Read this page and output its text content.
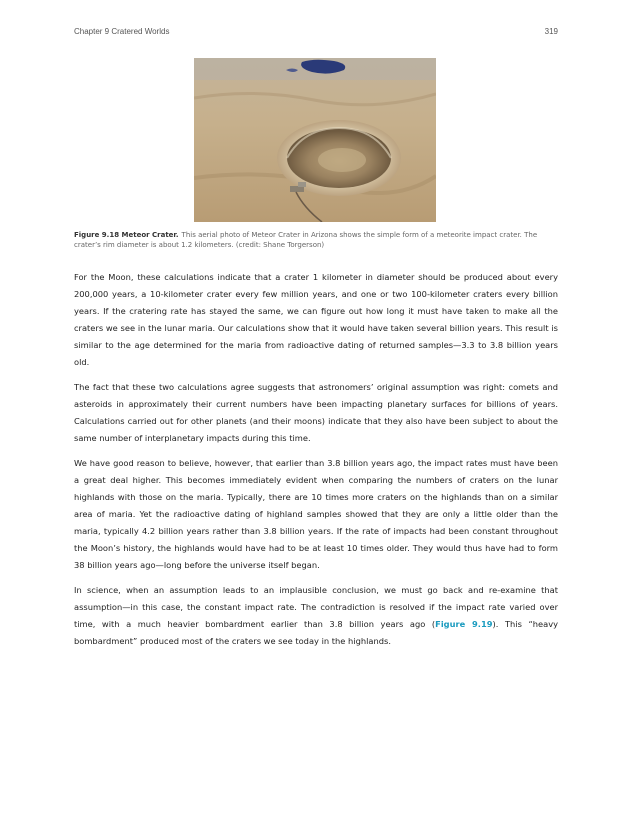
Chapter 9 Cratered Worlds	319
Figure 9.18 Meteor Crater. This aerial photo of Meteor Crater in Arizona shows the simple form of a meteorite impact crater. The crater’s rim diameter is about 1.2 kilometers. (credit: Shane Torgerson)

For the Moon, these calculations indicate that a crater 1 kilometer in diameter should be produced about every 200,000 years, a 10-kilometer crater every few million years, and one or two 100-kilometer craters every billion years. If the cratering rate has stayed the same, we can figure out how long it must have taken to make all the craters we see in the lunar maria. Our calculations show that it would have taken several billion years. This result is similar to the age determined for the maria from radioactive dating of returned samples—3.3 to 3.8 billion years old.

The fact that these two calculations agree suggests that astronomers’ original assumption was right: comets and asteroids in approximately their current numbers have been impacting planetary surfaces for billions of years. Calculations carried out for other planets (and their moons) indicate that they also have been subject to about the same number of interplanetary impacts during this time.

We have good reason to believe, however, that earlier than 3.8 billion years ago, the impact rates must have been a great deal higher. This becomes immediately evident when comparing the numbers of craters on the lunar highlands with those on the maria. Typically, there are 10 times more craters on the highlands than on a similar area of maria. Yet the radioactive dating of highland samples showed that they are only a little older than the maria, typically 4.2 billion years rather than 3.8 billion years. If the rate of impacts had been constant throughout the Moon’s history, the highlands would have had to be at least 10 times older. They would thus have had to form 38 billion years ago—long before the universe itself began.

In science, when an assumption leads to an implausible conclusion, we must go back and re-examine that assumption—in this case, the constant impact rate. The contradiction is resolved if the impact rate varied over time, with a much heavier bombardment earlier than 3.8 billion years ago (Figure 9.19). This “heavy bombardment” produced most of the craters we see today in the highlands.
